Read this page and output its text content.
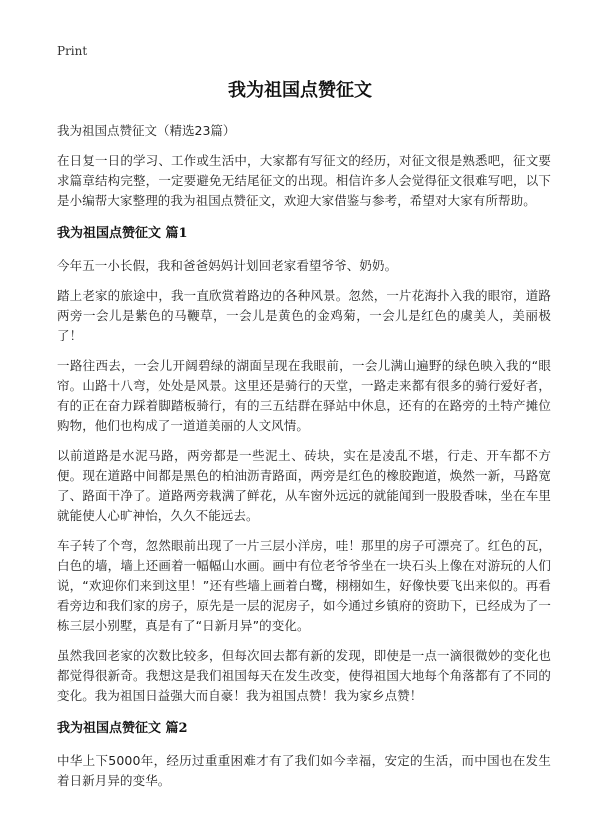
Print
我为祖国点赞征文
我为祖国点赞征文（精选23篇）

在日复一日的学习、工作或生活中，大家都有写征文的经历，对征文很是熟悉吧，征文要求篇章结构完整，一定要避免无结尾征文的出现。相信许多人会觉得征文很难写吧，以下是小编帮大家整理的我为祖国点赞征文，欢迎大家借鉴与参考，希望对大家有所帮助。

我为祖国点赞征文 篇1

今年五一小长假，我和爸爸妈妈计划回老家看望爷爷、奶奶。

踏上老家的旅途中，我一直欣赏着路边的各种风景。忽然，一片花海扑入我的眼帘，道路两旁一会儿是紫色的马鞭草，一会儿是黄色的金鸡菊，一会儿是红色的虞美人，美丽极了！

一路往西去，一会儿开阔碧绿的湖面呈现在我眼前，一会儿满山遍野的绿色映入我的“眼帘。山路十八弯，处处是风景。这里还是骑行的天堂，一路走来都有很多的骑行爱好者，有的正在奋力踩着脚踏板骑行，有的三五结群在驿站中休息，还有的在路旁的土特产摊位购物，他们也构成了一道道美丽的人文风情。

以前道路是水泥马路，两旁都是一些泥土、砖块，实在是凌乱不堪，行走、开车都不方便。现在道路中间都是黑色的柏油沥青路面，两旁是红色的橡胶跑道，焕然一新，马路宽了、路面干净了。道路两旁栽满了鲜花，从车窗外远远的就能闻到一股股香味，坐在车里就能使人心旷神怡，久久不能远去。

车子转了个弯，忽然眼前出现了一片三层小洋房，哇！那里的房子可漂亮了。红色的瓦，白色的墙，墙上还画着一幅幅山水画。画中有位老爷爷坐在一块石头上像在对游玩的人们说，“欢迎你们来到这里！”还有些墙上画着白鹭，栩栩如生，好像快要飞出来似的。再看看旁边和我们家的房子，原先是一层的泥房子，如今通过乡镇府的资助下，已经成为了一栋三层小别墅，真是有了“日新月异”的变化。

虽然我回老家的次数比较多，但每次回去都有新的发现，即使是一点一滴很微妙的变化也都觉得很新奇。我想这是我们祖国每天在发生改变，使得祖国大地每个角落都有了不同的变化。我为祖国日益强大而自豪！我为祖国点赞！我为家乡点赞！

我为祖国点赞征文 篇2

中华上下5000年，经历过重重困难才有了我们如今幸福，安定的生活，而中国也在发生着日新月异的变华。
